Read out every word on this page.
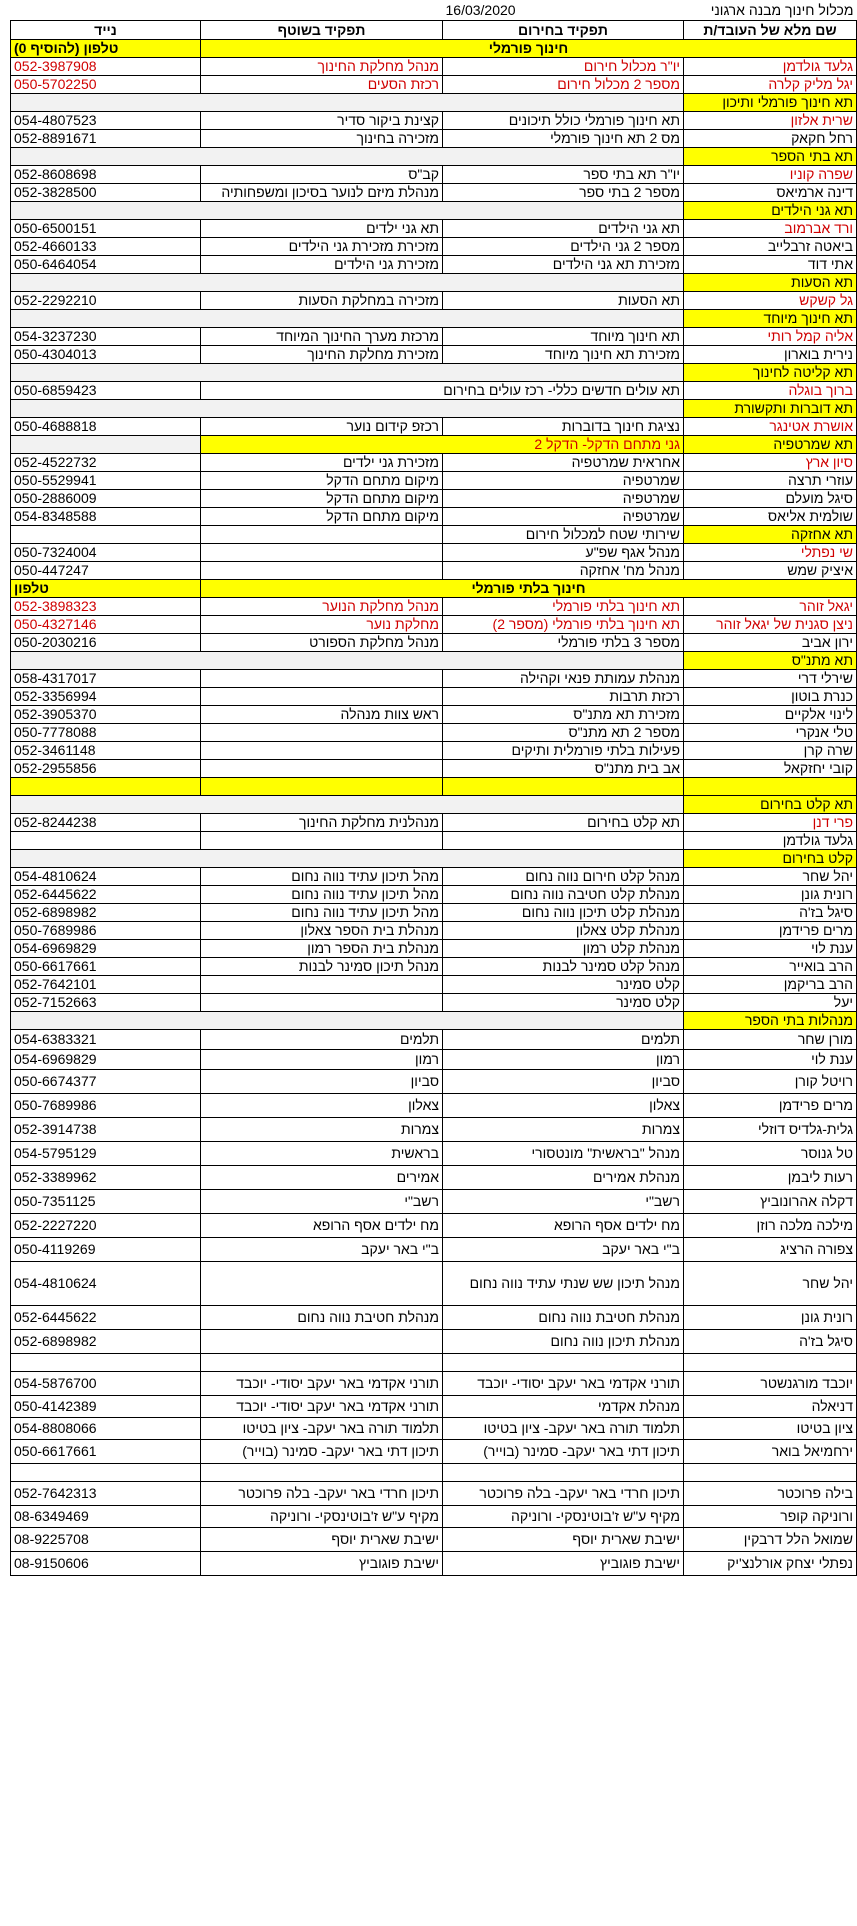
מכלול חינוך מבנה ארגוני	16/03/2020		
שם מלא של העובד/ת	תפקיד בחירום	תפקיד בשוטף	נייד
חינוך פורמלי			טלפון (להוסיף 0)
גלעד גולדמן	יו"ר מכלול חירום	מנהל מחלקת החינוך	052-3987908
יגל מליק קלרה	מספר 2 מכלול חירום	רכזת הסעים	050-5702250
תא חינוך פורמלי ותיכון			
שרית אלזון	תא חינוך פורמלי כולל תיכונים	קצינת ביקור סדיר	054-4807523
רחל חקאק	מס 2 תא חינוך פורמלי	מזכירה בחינוך	052-8891671
תא בתי הספר			
שפרה קוניו	יו"ר תא בתי ספר	קב"ס	052-8608698
דינה ארמיאס	מספר 2 בתי ספר	מנהלת מיזם לנוער בסיכון ומשפחותיה	052-3828500
תא גני הילדים			
ורד אברמוב	תא גני הילדים	תא גני ילדים	050-6500151
ביאטה זרבלייב	מספר 2 גני הילדים	מזכירת מזכירת גני הילדים	052-4660133
אתי דוד	מזכירת תא גני הילדים	מזכירת גני הילדים	050-6464054
תא הסעות			
גל קשקש	תא הסעות	מזכירה במחלקת הסעות	052-2292210
תא חינוך מיוחד			
אליה קמל רותי	תא חינוך מיוחד	מרכזת מערך החינוך המיוחד	054-3237230
נירית בוארון	מזכירת תא חינוך מיוחד	מזכירת מחלקת החינוך	050-4304013
תא קליטה לחינוך			
ברוך בוגלה	תא עולים חדשים כללי- רכז עולים בחירום		050-6859423
תא דוברות ותקשורת			
אושרת אטינגר	נציגת חינוך בדוברות	רכזפ קידום נוער	050-4688818
תא שמרטפיה	גני מתחם הדקל- הדקל 2		
סיון ארץ	אחראית שמרטפיה	מזכירת גני ילדים	052-4522732
עוזרי תרצה	שמרטפיה	מיקום מתחם הדקל	050-5529941
סיגל מועלם	שמרטפיה	מיקום מתחם הדקל	050-2886009
שולמית אליאס	שמרטפיה	מיקום מתחם הדקל	054-8348588
תא אחזקה	שירותי שטח למכלול חירום		
שי נפתלי	מנהל אגף שפ"ע		050-7324004
איציק שמש	מנהל מח' אחזקה		050-447247
חינוך בלתי פורמלי			טלפון
יגאל זוהר	תא חינוך בלתי פורמלי	מנהל מחלקת הנוער	052-3898323
ניצן סגנית של יגאל זוהר	תא חינוך בלתי פורמלי (מספר 2)	מחלקת נוער	050-4327146
ירון אביב	מספר 3 בלתי פורמלי	מנהל מחלקת הספורט	050-2030216
תא מתנ"ס			
שירלי דרי	מנהלת עמותת פנאי וקהילה		058-4317017
כנרת בוטון	רכזת תרבות		052-3356994
לינוי אלקיים	מזכירת תא מתנ"ס	ראש צוות מנהלה	052-3905370
טלי אנקרי	מספר 2 תא מתנ"ס		050-7778088
שרה קרן	פעילות בלתי פורמלית ותיקים		052-3461148
קובי יחזקאל	אב בית מתנ"ס		052-2955856

תא קלט בחירום			
פרי דנן	תא קלט בחירום	מנהלנית מחלקת החינוך	052-8244238
גלעד גולדמן			
קלט בחירום			
יהל שחר	מנהל קלט חירום נווה נחום	מהל תיכון עתיד נווה נחום	054-4810624
רונית גונן	מנהלת קלט חטיבה נווה נחום	מהל תיכון עתיד נווה נחום	052-6445622
סיגל בז'ה	מנהלת קלט תיכון נווה נחום	מהל תיכון עתיד נווה נחום	052-6898982
מרים פרידמן	מנהלת קלט צאלון	מנהלת בית הספר צאלון	050-7689986
ענת לוי	מנהלת קלט רמון	מנהלת בית הספר רמון	054-6969829
הרב בואייר	מנהל קלט סמינר לבנות	מנהל תיכון סמינר לבנות	050-6617661
הרב בריקמן	קלט סמינר		052-7642101
יעל	קלט סמינר		052-7152663
מנהלות בתי הספר			
מורן שחר	תלמים	תלמים	054-6383321
ענת לוי	רמון	רמון	054-6969829
רויטל קורן	סביון	סביון	050-6674377
מרים פרידמן	צאלון	צאלון	050-7689986
גלית-גלדיס דוזלי	צמרות	צמרות	052-3914738
טל גנוסר	מנהל "בראשית" מונטסורי	בראשית	054-5795129
רעות ליבמן	מנהלת אמירים	אמירים	052-3389962
דקלה אהרונוביץ	רשב"י	רשב"י	050-7351125
מילכה מלכה רוזן	מח ילדים אסף הרופא	מח ילדים אסף הרופא	052-2227220
צפורה הרציג	ב"י באר יעקב	ב"י באר יעקב	050-4119269
יהל שחר	מנהל תיכון שש שנתי עתיד נווה נחום		054-4810624
רונית גונן	מנהלת חטיבת נווה נחום	מנהלת חטיבת נווה נחום	052-6445622
סיגל בז'ה	מנהלת תיכון נווה נחום		052-6898982

יוכבד מורגנשטר	תורני אקדמי באר יעקב יסודי- יוכבד	תורני אקדמי באר יעקב יסודי- יוכבד	054-5876700
דניאלה	מנהלת אקדמי	תורני אקדמי באר יעקב יסודי- יוכבד	050-4142389
ציון בטיטו	תלמוד תורה באר יעקב- ציון בטיטו	תלמוד תורה באר יעקב- ציון בטיטו	054-8808066
ירחמיאל בואר	תיכון דתי באר יעקב- סמינר (בוייר)	תיכון דתי באר יעקב- סמינר (בוייר)	050-6617661

בילה פרוכטר	תיכון חרדי באר יעקב- בלה פרוכטר	תיכון חרדי באר יעקב- בלה פרוכטר	052-7642313
ורוניקה קופר	מקיף ע"ש ז'בוטינסקי- ורוניקה	מקיף ע"ש ז'בוטינסקי- ורוניקה	08-6349469
שמואל הלל דרבקין	ישיבת שארית יוסף	ישיבת שארית יוסף	08-9225708
נפתלי יצחק אורלנצ'יק	ישיבת פוגוביץ	ישיבת פוגוביץ	08-9150606
